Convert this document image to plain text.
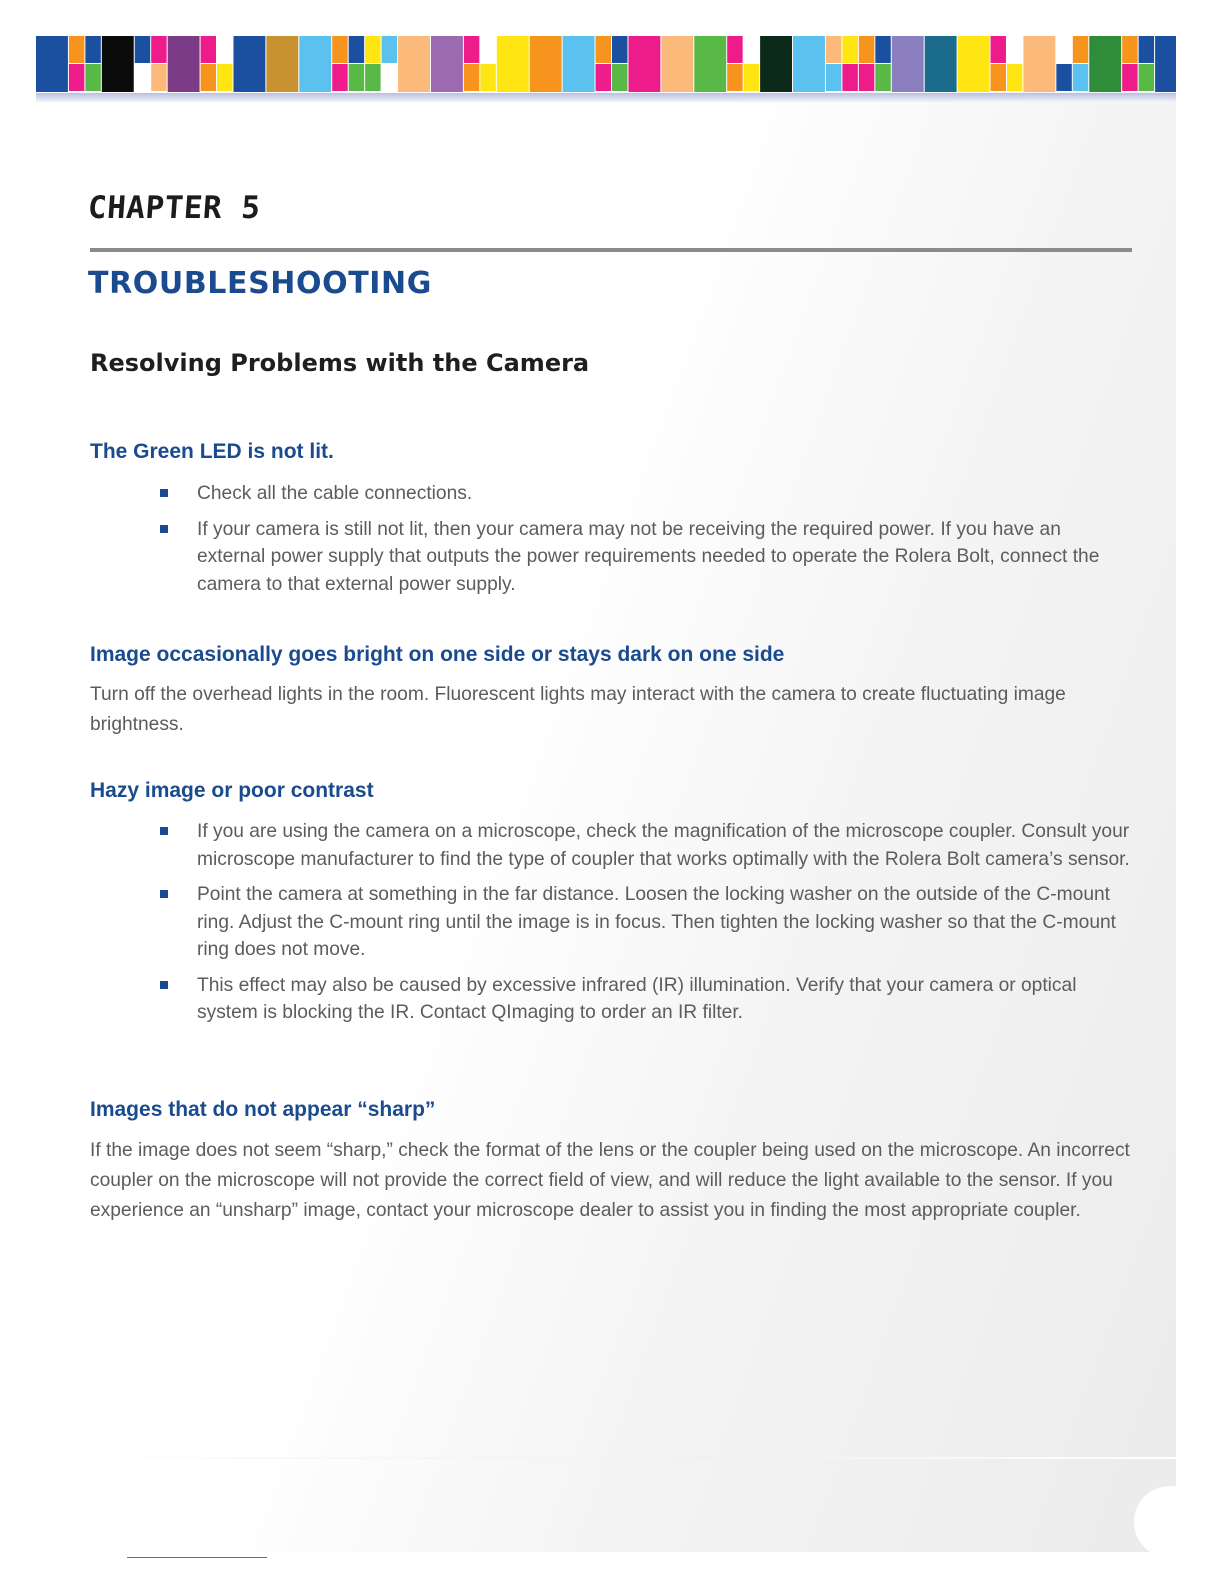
CHAPTER 5
TROUBLESHOOTING
Resolving Problems with the Camera
The Green LED is not lit.
Check all the cable connections.
If your camera is still not lit, then your camera may not be receiving the required power. If you have an external power supply that outputs the power requirements needed to operate the Rolera Bolt, connect the camera to that external power supply.
Image occasionally goes bright on one side or stays dark on one side

Turn off the overhead lights in the room. Fluorescent lights may interact with the camera to create fluctuating image brightness.

Hazy image or poor contrast
If you are using the camera on a microscope, check the magnification of the microscope coupler. Consult your microscope manufacturer to find the type of coupler that works optimally with the Rolera Bolt camera’s sensor.
Point the camera at something in the far distance. Loosen the locking washer on the outside of the C-mount ring. Adjust the C-mount ring until the image is in focus. Then tighten the locking washer so that the C-mount ring does not move.
This effect may also be caused by excessive infrared (IR) illumination. Verify that your camera or optical system is blocking the IR. Contact QImaging to order an IR filter.
Images that do not appear “sharp”

If the image does not seem “sharp,” check the format of the lens or the coupler being used on the microscope. An incorrect coupler on the microscope will not provide the correct field of view, and will reduce the light available to the sensor. If you experience an “unsharp” image, contact your microscope dealer to assist you in finding the most appropriate coupler.
